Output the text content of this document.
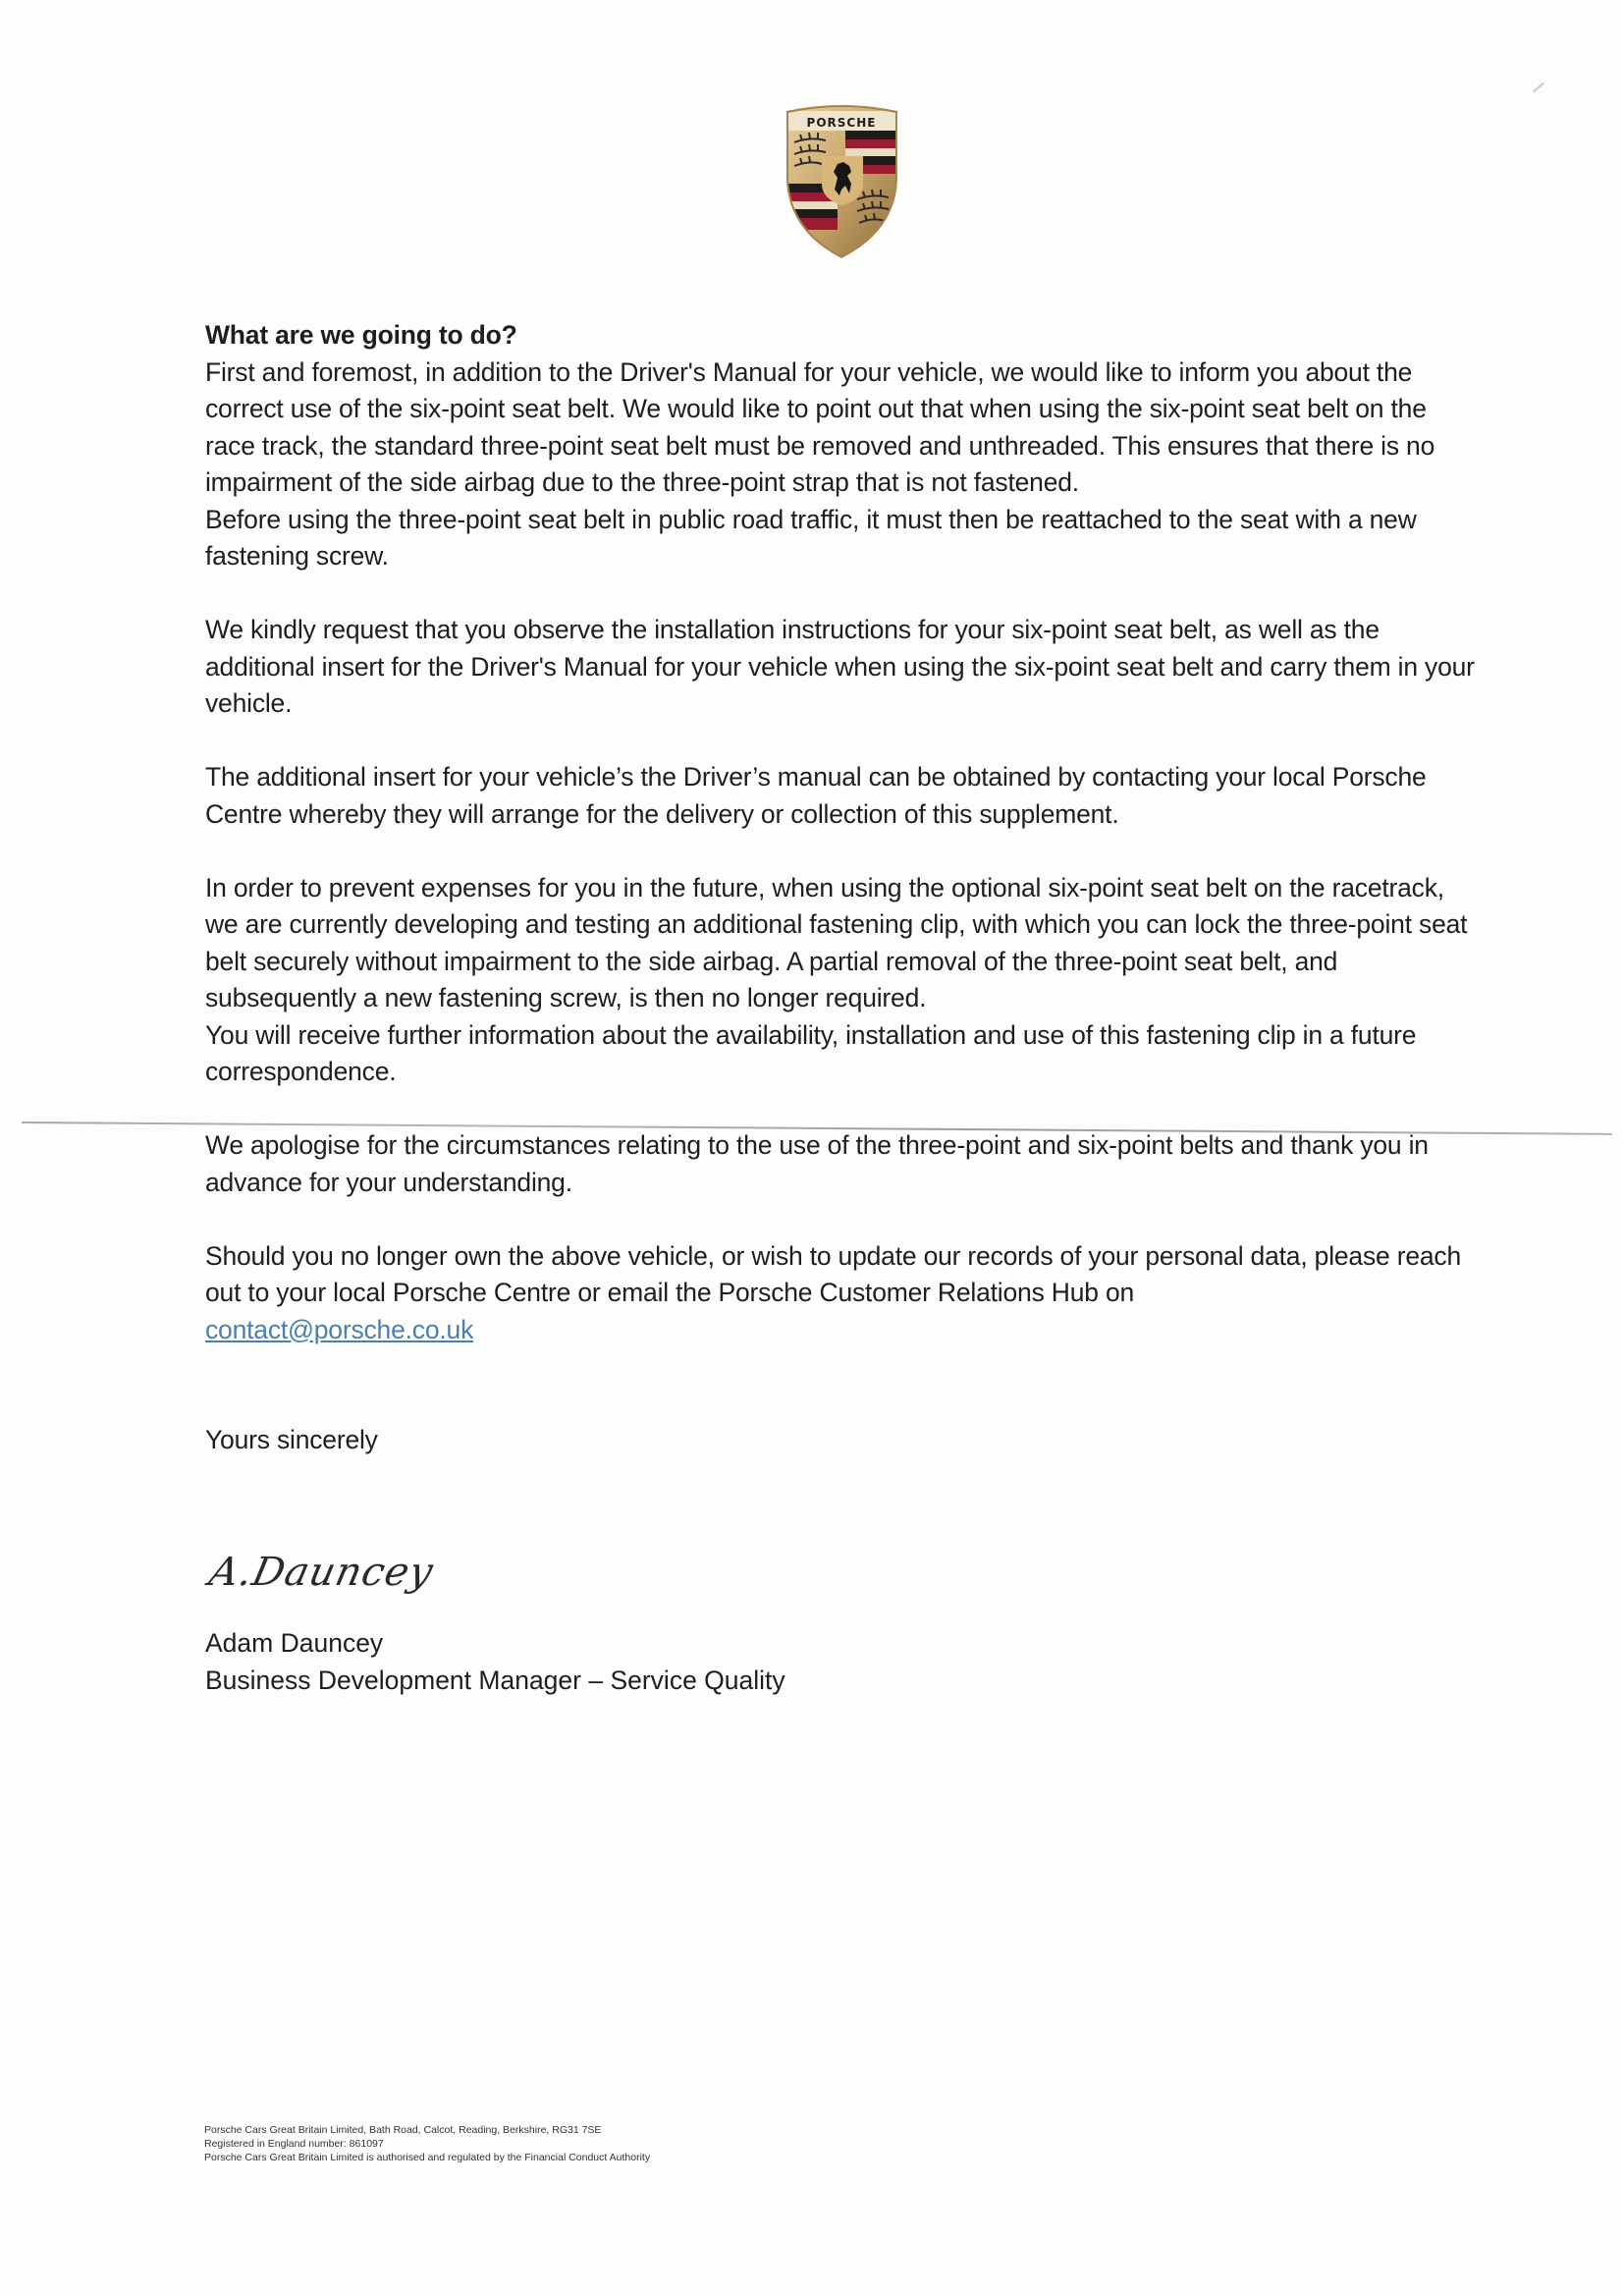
PORSCHE

What are we going to do?

First and foremost, in addition to the Driver's Manual for your vehicle, we would like to inform you about the correct use of the six-point seat belt. We would like to point out that when using the six-point seat belt on the race track, the standard three-point seat belt must be removed and unthreaded. This ensures that there is no impairment of the side airbag due to the three-point strap that is not fastened.

Before using the three-point seat belt in public road traffic, it must then be reattached to the seat with a new fastening screw.

We kindly request that you observe the installation instructions for your six-point seat belt, as well as the additional insert for the Driver's Manual for your vehicle when using the six-point seat belt and carry them in your vehicle.

The additional insert for your vehicle’s the Driver’s manual can be obtained by contacting your local Porsche Centre whereby they will arrange for the delivery or collection of this supplement.

In order to prevent expenses for you in the future, when using the optional six-point seat belt on the racetrack, we are currently developing and testing an additional fastening clip, with which you can lock the three-point seat belt securely without impairment to the side airbag. A partial removal of the three-point seat belt, and subsequently a new fastening screw, is then no longer required.

You will receive further information about the availability, installation and use of this fastening clip in a future correspondence.

We apologise for the circumstances relating to the use of the three-point and six-point belts and thank you in advance for your understanding.

Should you no longer own the above vehicle, or wish to update our records of your personal data, please reach out to your local Porsche Centre or email the Porsche Customer Relations Hub on

contact@porsche.co.uk

Yours sincerely

A.Dauncey

Adam Dauncey

Business Development Manager – Service Quality

Porsche Cars Great Britain Limited, Bath Road, Calcot, Reading, Berkshire, RG31 7SE

Registered in England number: 861097

Porsche Cars Great Britain Limited is authorised and regulated by the Financial Conduct Authority
